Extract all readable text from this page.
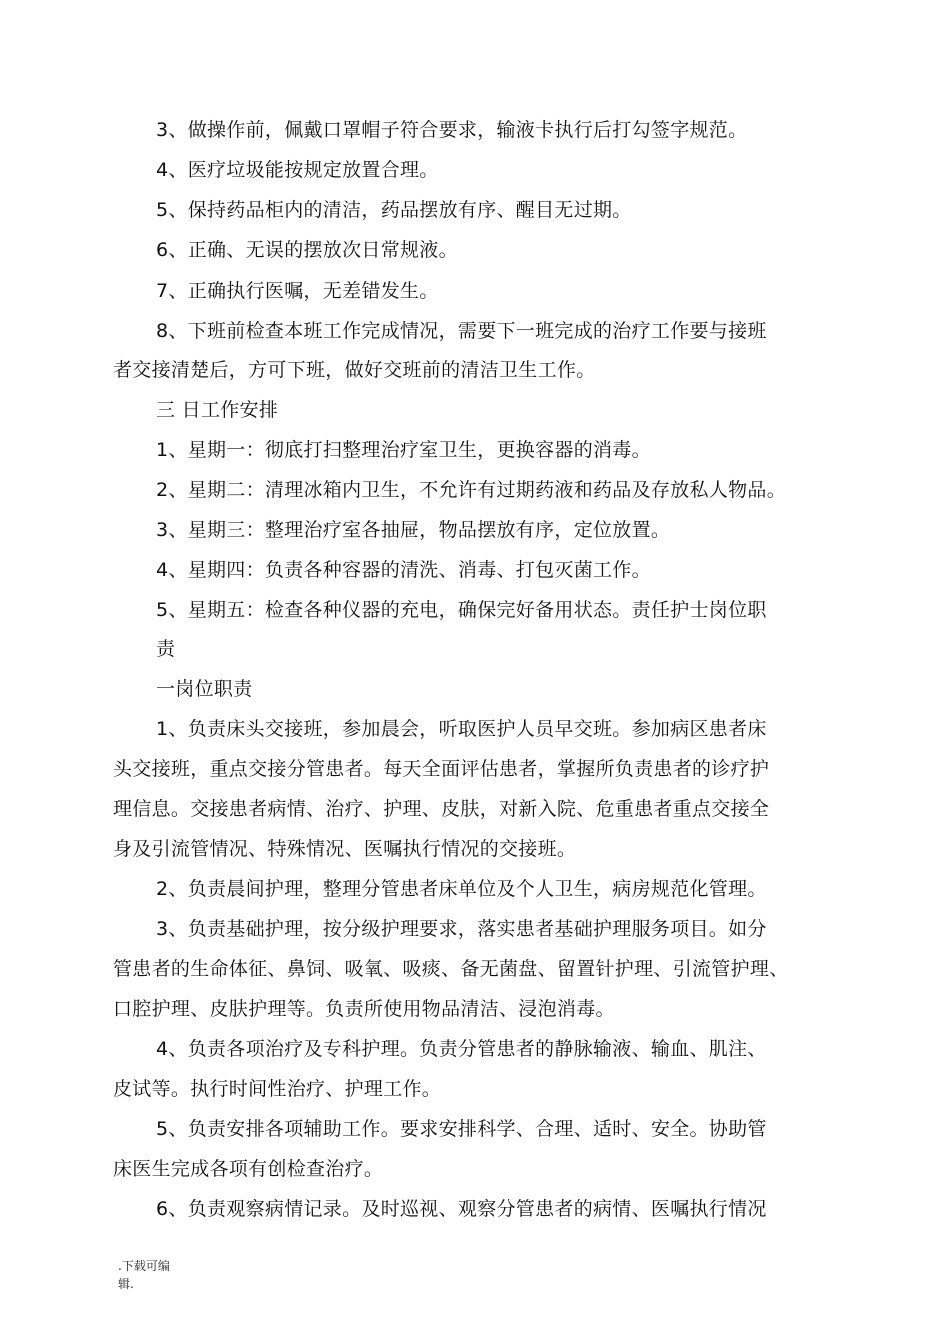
3、做操作前，佩戴口罩帽子符合要求，输液卡执行后打勾签字规范。
4、医疗垃圾能按规定放置合理。
5、保持药品柜内的清洁，药品摆放有序、醒目无过期。
6、正确、无误的摆放次日常规液。
7、正确执行医嘱，无差错发生。
8、下班前检查本班工作完成情况，需要下一班完成的治疗工作要与接班
者交接清楚后，方可下班，做好交班前的清洁卫生工作。
三 日工作安排
1、星期一：彻底打扫整理治疗室卫生，更换容器的消毒。
2、星期二：清理冰箱内卫生，不允许有过期药液和药品及存放私人物品。
3、星期三：整理治疗室各抽屉，物品摆放有序，定位放置。
4、星期四：负责各种容器的清洗、消毒、打包灭菌工作。
5、星期五：检查各种仪器的充电，确保完好备用状态。责任护士岗位职
责
一岗位职责
1、负责床头交接班，参加晨会，听取医护人员早交班。参加病区患者床
头交接班，重点交接分管患者。每天全面评估患者，掌握所负责患者的诊疗护
理信息。交接患者病情、治疗、护理、皮肤，对新入院、危重患者重点交接全
身及引流管情况、特殊情况、医嘱执行情况的交接班。
2、负责晨间护理，整理分管患者床单位及个人卫生，病房规范化管理。
3、负责基础护理，按分级护理要求，落实患者基础护理服务项目。如分
管患者的生命体征、鼻饲、吸氧、吸痰、备无菌盘、留置针护理、引流管护理、
口腔护理、皮肤护理等。负责所使用物品清洁、浸泡消毒。
4、负责各项治疗及专科护理。负责分管患者的静脉输液、输血、肌注、
皮试等。执行时间性治疗、护理工作。
5、负责安排各项辅助工作。要求安排科学、合理、适时、安全。协助管
床医生完成各项有创检查治疗。
6、负责观察病情记录。及时巡视、观察分管患者的病情、医嘱执行情况
.下载可编
辑.
